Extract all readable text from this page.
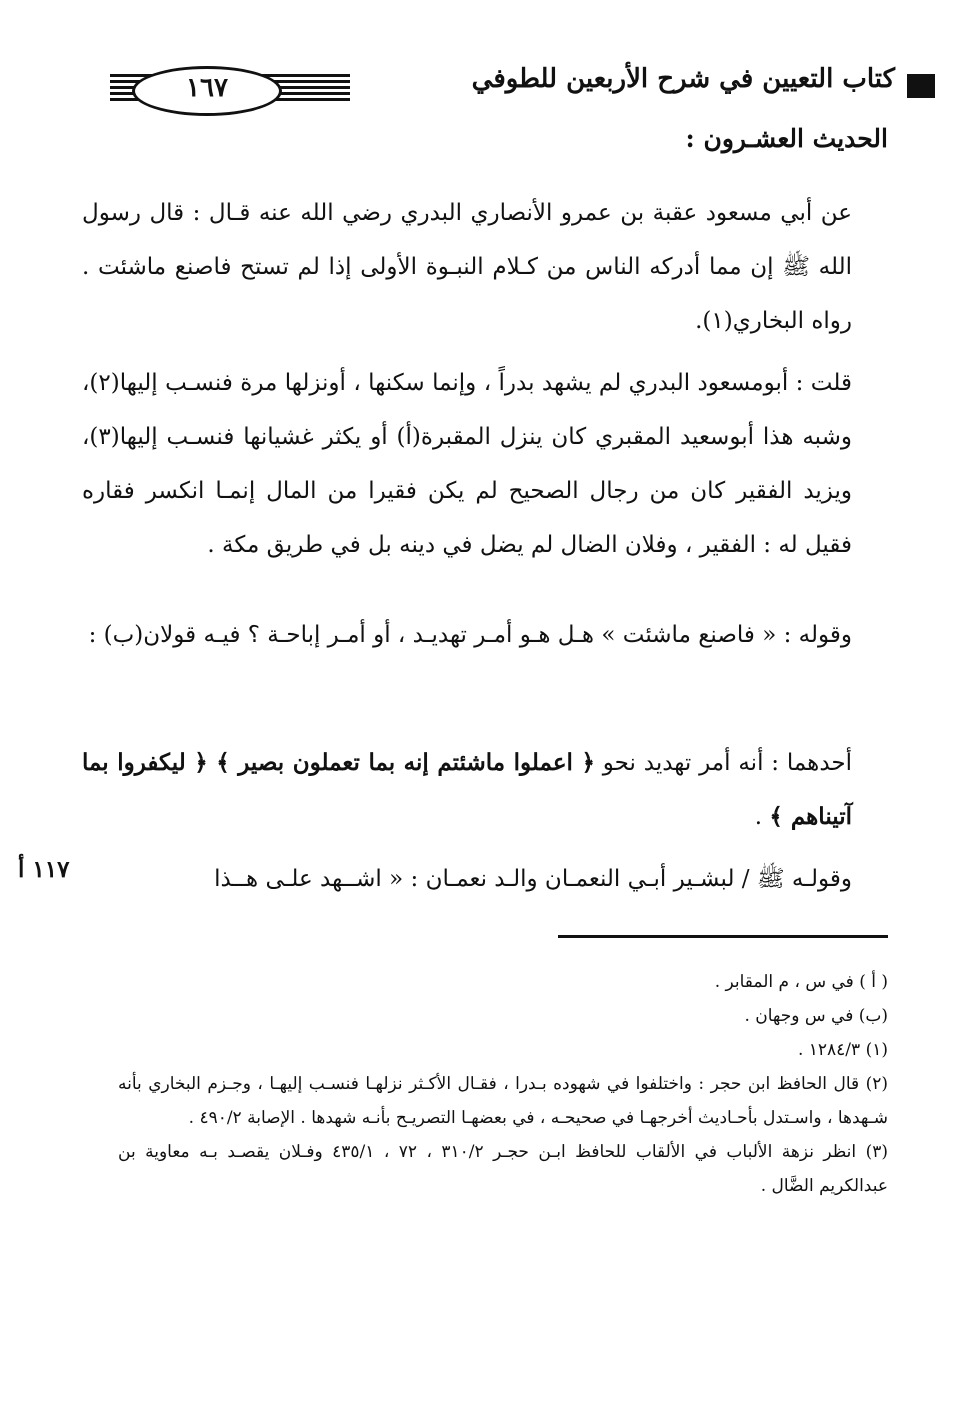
كتاب التعيين في شرح الأربعين للطوفي
١٦٧
الحديث العشـرون :
عن أبي مسعود عقبة بن عمرو الأنصاري البدري رضي الله عنه قـال : قال رسول الله ﷺ إن مما أدركه الناس من كـلام النبـوة الأولى إذا لم تستح فاصنع ماشئت . رواه البخاري(١).
قلت : أبومسعود البدري لم يشهد بدراً ، وإنما سكنها ، أونزلها مرة فنسـب إليها(٢)، وشبه هذا أبوسعيد المقبري كان ينزل المقبرة(أ) أو يكثر غشيانها فنسـب إليها(٣)، ويزيد الفقير كان من رجال الصحيح لم يكن فقيرا من المال إنمـا انكسر فقاره فقيل له : الفقير ، وفلان الضال لم يضل في دينه بل في طريق مكة .
وقوله : « فاصنع ماشئت » هـل هـو أمـر تهديـد ، أو أمـر إباحـة ؟ فيـه قولان(ب) :
أحدهما : أنه أمر تهديد نحو ﴿ اعملوا ماشئتم إنه بما تعملون بصير ﴾ ﴿ ليكفروا بما آتيناهم ﴾ .
وقولـه ﷺ / لبشـير أبـي النعمـان والـد نعمـان : « اشــهد علـى هــذا
١١٧ أ
( أ ) في س ، م المقابر .
(ب) في س وجهان .
(١) ١٢٨٤/٣ .
(٢) قال الحافظ ابن حجر : واختلفوا في شهوده بـدرا ، فقـال الأكـثر نزلهـا فنسـب إليهـا ، وجـزم البخاري بأنه شـهدها ، واسـتدل بأحـاديث أخرجهـا في صحيحـه ، في بعضهـا التصريـح بأنـه شهدها . الإصابة ٤٩٠/٢ .
(٣) انظر نزهة الألباب في الألقاب للحافظ ابـن حجـر ٣١٠/٢ ، ٧٢ ، ٤٣٥/١ وفـلان يقصـد بـه معاوية بن عبدالكريم الضَّال .
